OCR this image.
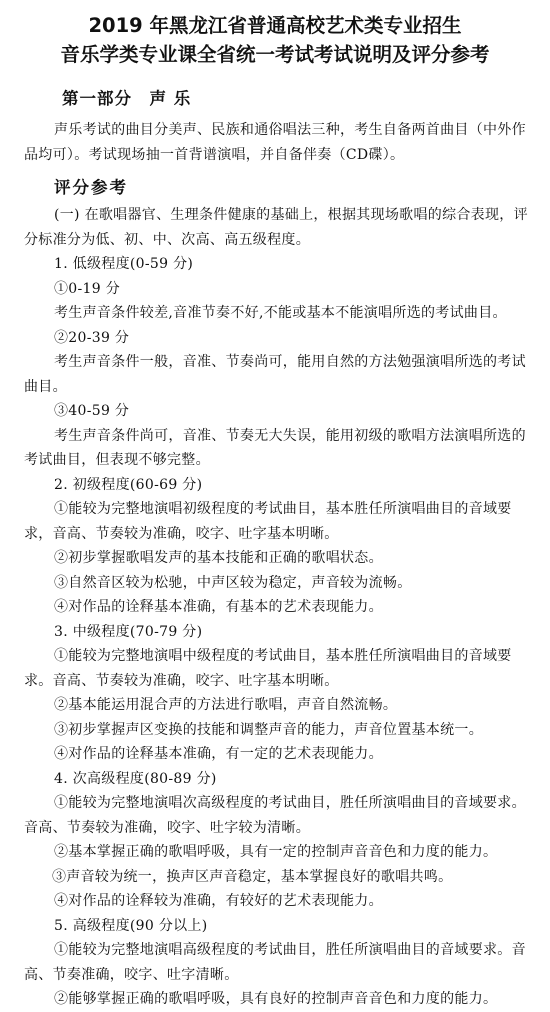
2019 年黑龙江省普通高校艺术类专业招生
音乐学类专业课全省统一考试考试说明及评分参考
第一部分　声 乐

声乐考试的曲目分美声、民族和通俗唱法三种，考生自备两首曲目（中外作品均可）。考试现场抽一首背谱演唱，并自备伴奏（CD碟）。

评分参考

(一) 在歌唱器官、生理条件健康的基础上，根据其现场歌唱的综合表现，评分标准分为低、初、中、次高、高五级程度。

1. 低级程度(0-59 分)

①0-19 分

考生声音条件较差,音准节奏不好,不能或基本不能演唱所选的考试曲目。

②20-39 分

考生声音条件一般，音准、节奏尚可，能用自然的方法勉强演唱所选的考试曲目。

③40-59 分

考生声音条件尚可，音准、节奏无大失误，能用初级的歌唱方法演唱所选的考试曲目，但表现不够完整。

2. 初级程度(60-69 分)

①能较为完整地演唱初级程度的考试曲目，基本胜任所演唱曲目的音域要求，音高、节奏较为准确，咬字、吐字基本明晰。

②初步掌握歌唱发声的基本技能和正确的歌唱状态。

③自然音区较为松驰，中声区较为稳定，声音较为流畅。

④对作品的诠释基本准确，有基本的艺术表现能力。

3. 中级程度(70-79 分)

①能较为完整地演唱中级程度的考试曲目，基本胜任所演唱曲目的音域要求。音高、节奏较为准确，咬字、吐字基本明晰。

②基本能运用混合声的方法进行歌唱，声音自然流畅。

③初步掌握声区变换的技能和调整声音的能力，声音位置基本统一。

④对作品的诠释基本准确，有一定的艺术表现能力。

4. 次高级程度(80-89 分)

①能较为完整地演唱次高级程度的考试曲目，胜任所演唱曲目的音域要求。音高、节奏较为准确，咬字、吐字较为清晰。

②基本掌握正确的歌唱呼吸，具有一定的控制声音音色和力度的能力。

③声音较为统一，换声区声音稳定，基本掌握良好的歌唱共鸣。

④对作品的诠释较为准确，有较好的艺术表现能力。

5. 高级程度(90 分以上)

①能较为完整地演唱高级程度的考试曲目，胜任所演唱曲目的音域要求。音高、节奏准确，咬字、吐字清晰。

②能够掌握正确的歌唱呼吸，具有良好的控制声音音色和力度的能力。
